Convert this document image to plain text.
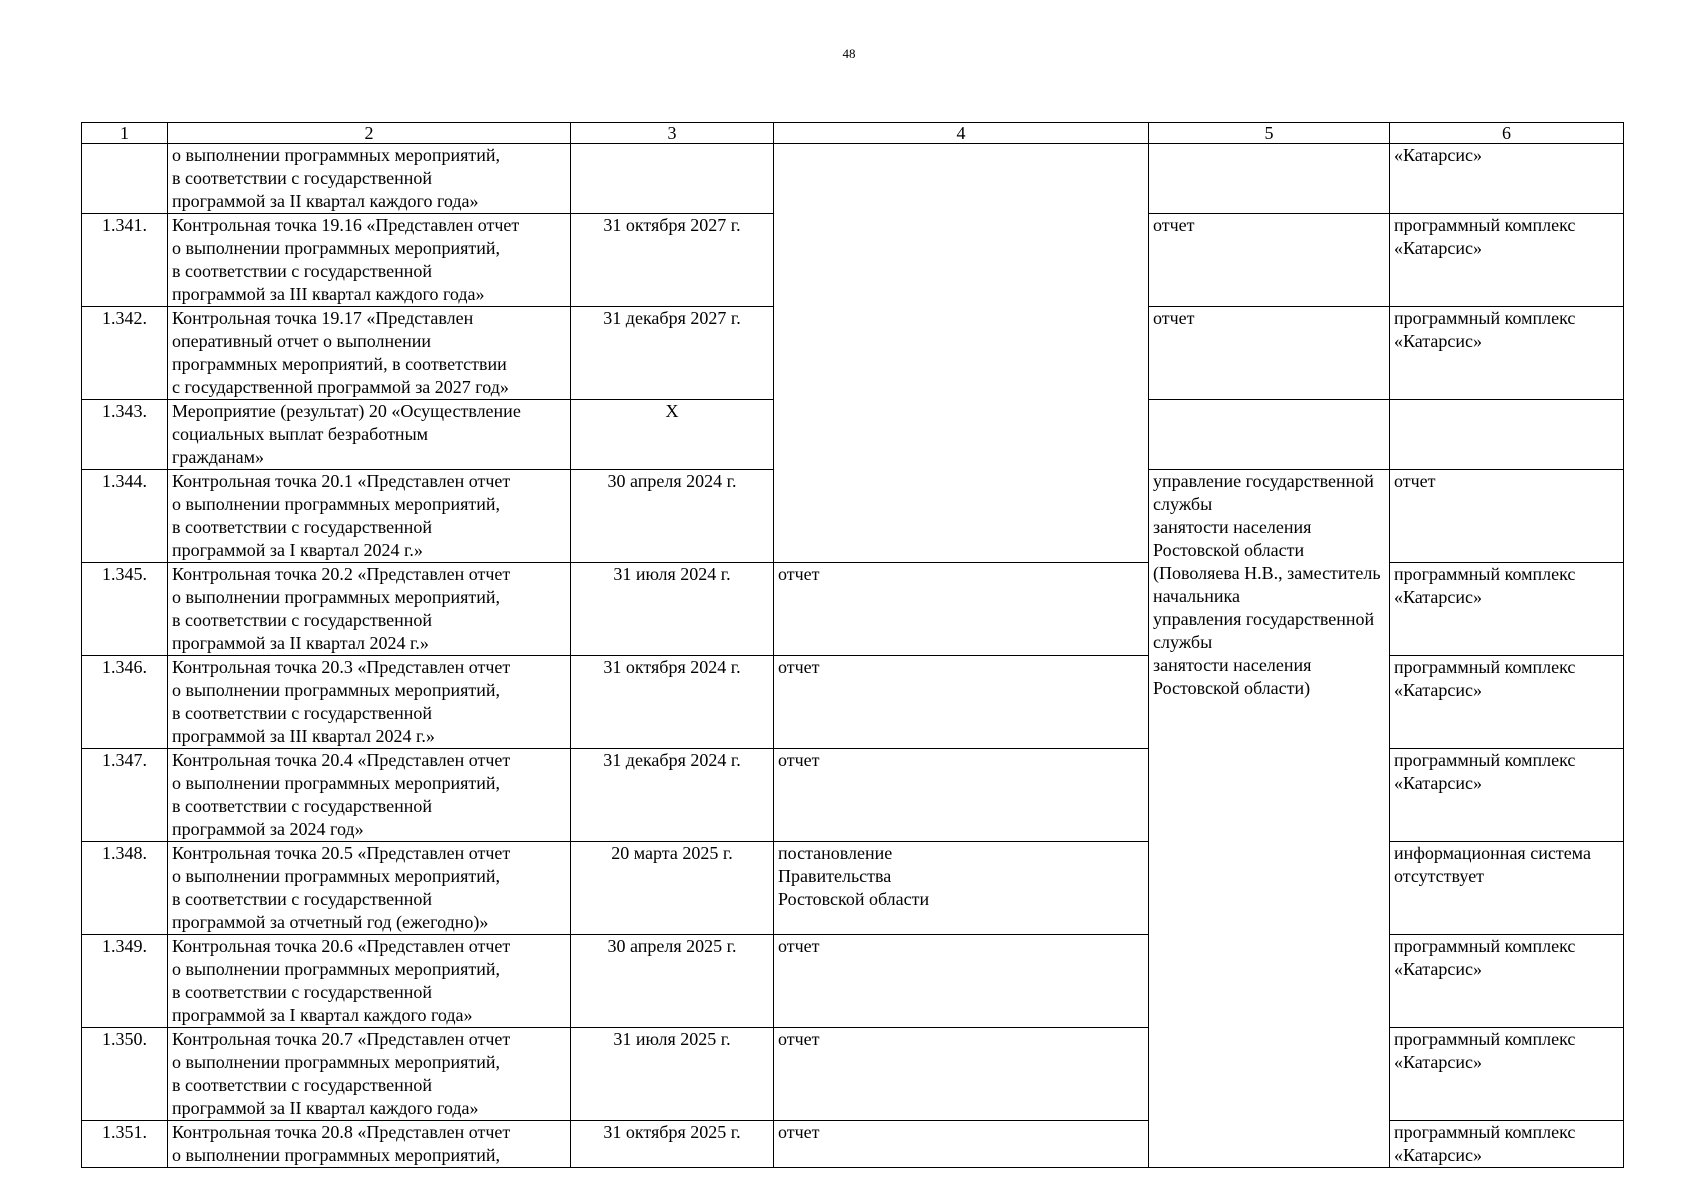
48
1	2	3	4	5	6	
	о выполнении программных мероприятий,
в соответствии с государственной
программой за II квартал каждого года»				«Катарсис»	
1.341.	Контрольная точка 19.16 «Представлен отчет
о выполнении программных мероприятий,
в соответствии с государственной
программой за III квартал каждого года»	31 октября 2027 г.		отчет	программный комплекс
«Катарсис»	
1.342.	Контрольная точка 19.17 «Представлен
оперативный отчет о выполнении
программных мероприятий, в соответствии
с государственной программой за 2027 год»	31 декабря 2027 г.		отчет	программный комплекс
«Катарсис»	
1.343.	Мероприятие (результат) 20 «Осуществление
социальных выплат безработным
гражданам»	Х				
1.344.	Контрольная точка 20.1 «Представлен отчет
о выполнении программных мероприятий,
в соответствии с государственной
программой за I квартал 2024 г.»	30 апреля 2024 г.		управление государственной службы
занятости населения Ростовской области
(Поволяева Н.В., заместитель начальника
управления государственной службы
занятости населения Ростовской области)	отчет	
1.345.	Контрольная точка 20.2 «Представлен отчет
о выполнении программных мероприятий,
в соответствии с государственной
программой за II квартал 2024 г.»	31 июля 2024 г.	отчет		программный комплекс
«Катарсис»	
1.346.	Контрольная точка 20.3 «Представлен отчет
о выполнении программных мероприятий,
в соответствии с государственной
программой за III квартал 2024 г.»	31 октября 2024 г.	отчет		программный комплекс
«Катарсис»	
1.347.	Контрольная точка 20.4 «Представлен отчет
о выполнении программных мероприятий,
в соответствии с государственной
программой за 2024 год»	31 декабря 2024 г.	отчет		программный комплекс
«Катарсис»	
1.348.	Контрольная точка 20.5 «Представлен отчет
о выполнении программных мероприятий,
в соответствии с государственной
программой за отчетный год (ежегодно)»	20 марта 2025 г.	постановление
Правительства
Ростовской области		информационная система
отсутствует	
1.349.	Контрольная точка 20.6 «Представлен отчет
о выполнении программных мероприятий,
в соответствии с государственной
программой за I квартал каждого года»	30 апреля 2025 г.	отчет		программный комплекс
«Катарсис»	
1.350.	Контрольная точка 20.7 «Представлен отчет
о выполнении программных мероприятий,
в соответствии с государственной
программой за II квартал каждого года»	31 июля 2025 г.	отчет		программный комплекс
«Катарсис»	
1.351.	Контрольная точка 20.8 «Представлен отчет
о выполнении программных мероприятий,	31 октября 2025 г.	отчет		программный комплекс
«Катарсис»	
